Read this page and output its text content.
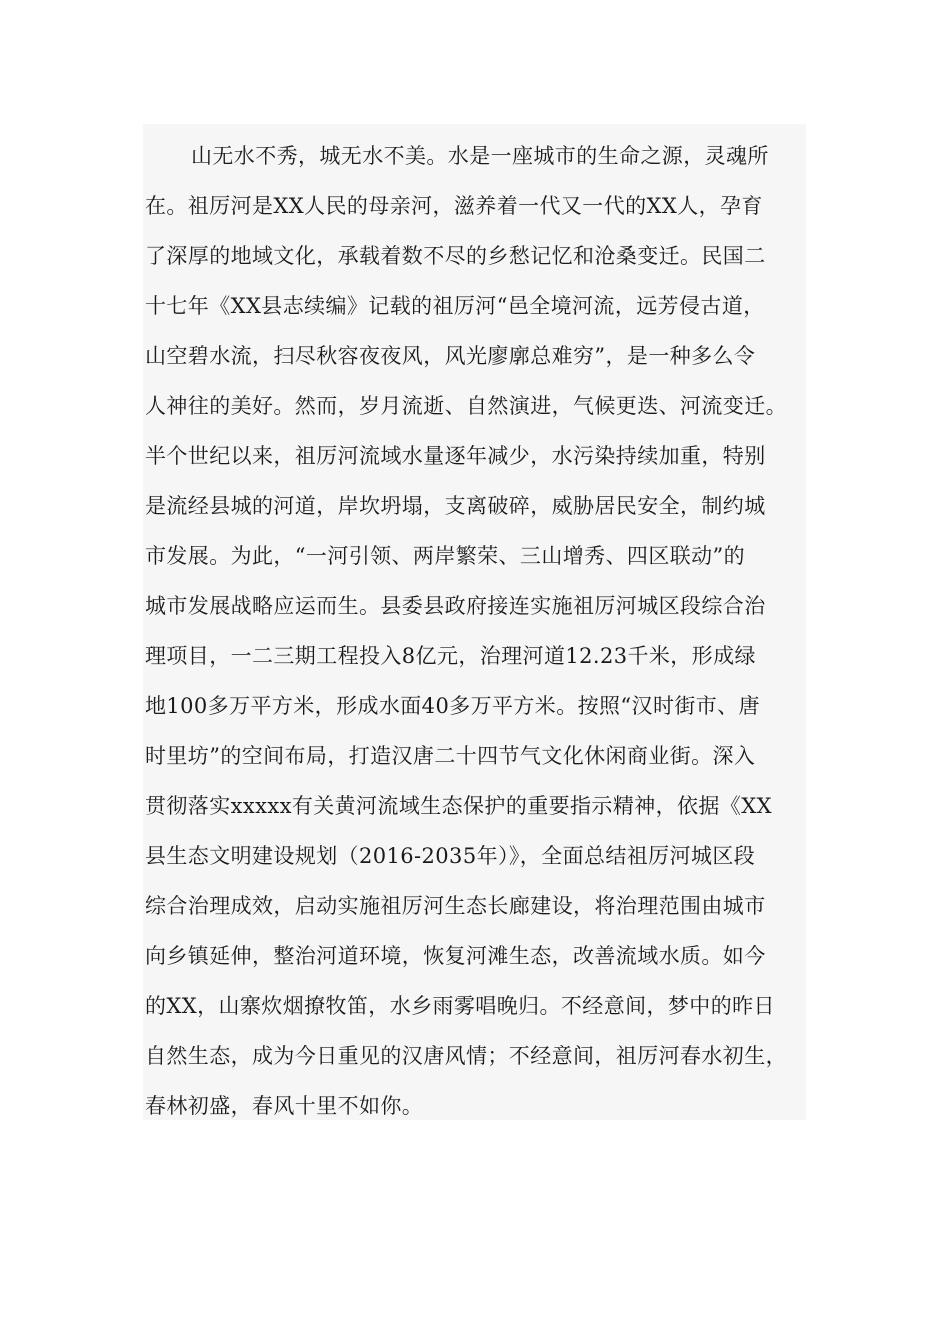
山无水不秀，城无水不美。水是一座城市的生命之源，灵魂所
在。祖厉河是XX人民的母亲河，滋养着一代又一代的XX人，孕育
了深厚的地域文化，承载着数不尽的乡愁记忆和沧桑变迁。民国二
十七年《XX县志续编》记载的祖厉河“邑全境河流，远芳侵古道，
山空碧水流，扫尽秋容夜夜风，风光廖廓总难穷”，是一种多么令
人神往的美好。然而，岁月流逝、自然演进，气候更迭、河流变迁。
半个世纪以来，祖厉河流域水量逐年减少，水污染持续加重，特别
是流经县城的河道，岸坎坍塌，支离破碎，威胁居民安全，制约城
市发展。为此，“一河引领、两岸繁荣、三山增秀、四区联动”的
城市发展战略应运而生。县委县政府接连实施祖厉河城区段综合治
理项目，一二三期工程投入8亿元，治理河道12.23千米，形成绿
地100多万平方米，形成水面40多万平方米。按照“汉时街市、唐
时里坊”的空间布局，打造汉唐二十四节气文化休闲商业街。深入
贯彻落实xxxxx有关黄河流域生态保护的重要指示精神，依据《XX
县生态文明建设规划（2016-2035年）》，全面总结祖厉河城区段
综合治理成效，启动实施祖厉河生态长廊建设，将治理范围由城市
向乡镇延伸，整治河道环境，恢复河滩生态，改善流域水质。如今
的XX，山寨炊烟撩牧笛，水乡雨雾唱晚归。不经意间，梦中的昨日
自然生态，成为今日重见的汉唐风情；不经意间，祖厉河春水初生，
春林初盛，春风十里不如你。
